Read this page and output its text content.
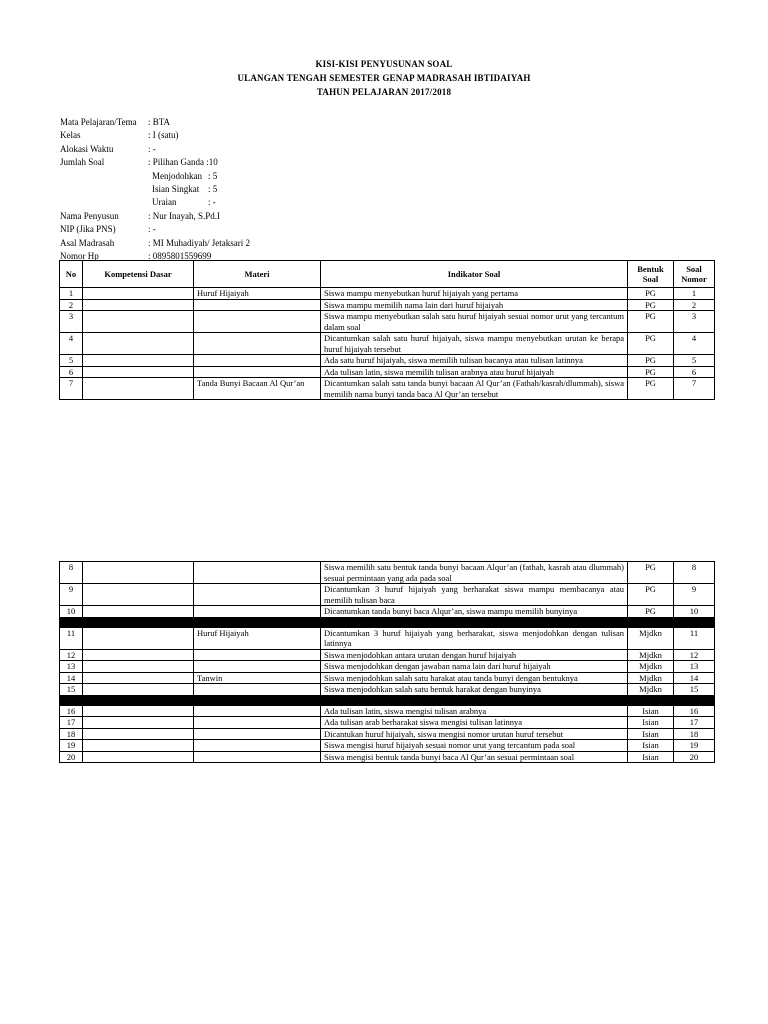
KISI-KISI PENYUSUNAN SOAL
ULANGAN TENGAH SEMESTER GENAP MADRASAH IBTIDAIYAH
TAHUN PELAJARAN 2017/2018
Mata Pelajaran/Tema	: BTA
Kelas	: I (satu)
Alokasi Waktu	: -
Jumlah Soal	: Pilihan Ganda :10
Menjodohkan : 5
Isian Singkat : 5
Uraian	: -
Nama Penyusun	: Nur Inayah, S.Pd.I
NIP (Jika PNS)	: -
Asal Madrasah	: MI Muhadiyah/ Jetaksari 2
Nomor Hp	: 0895801559699
No	Kompetensi Dasar	Materi	Indikator Soal	Bentuk Soal	Soal Nomor
1		Huruf Hijaiyah	Siswa mampu menyebutkan huruf hijaiyah yang pertama	PG	1
2			Siswa mampu memilih nama lain dari huruf hijaiyah	PG	2
3			Siswa mampu menyebutkan salah satu huruf hijaiyah sesuai nomor urut yang tercantum dalam soal	PG	3
4			Dicantumkan salah satu huruf hijaiyah, siswa mampu menyebutkan urutan ke berapa huruf hijaiyah tersebut	PG	4
5			Ada satu huruf hijaiyah, siswa memilih tulisan bacanya atau tulisan latinnya	PG	5
6			Ada tulisan latin, siswa memilih tulisan arabnya atau huruf hijaiyah	PG	6
7		Tanda Bunyi Bacaan Al Qur’an	Dicantumkan salah satu tanda bunyi bacaan Al Qur’an (Fathah/kasrah/dlummah), siswa memilih nama bunyi tanda baca Al Qur’an tersebut	PG	7
8			Siswa memilih satu bentuk tanda bunyi bacaan Alqur’an (fathah, kasrah atau dlummah) sesuai permintaan yang ada pada soal	PG	8
9			Dicantumkan 3 huruf hijaiyah yang berharakat siswa mampu membacanya atau memilih tulisan baca	PG	9
10			Dicantumkan tanda bunyi baca Alqur’an, siswa mampu memilih bunyinya	PG	10

11		Huruf Hijaiyah	Dicantumkan 3 huruf hijaiyah yang berharakat, siswa menjodohkan dengan tulisan latinnya	Mjdkn	11
12			Siswa menjodohkan antara urutan dengan huruf hijaiyah	Mjdkn	12
13			Siswa menjodohkan dengan jawaban nama lain dari huruf hijaiyah	Mjdkn	13
14		Tanwin	Siswa menjodohkan salah satu harakat atau tanda bunyi dengan bentuknya	Mjdkn	14
15			Siswa menjodohkan salah satu bentuk harakat dengan bunyinya	Mjdkn	15

16			Ada tulisan latin, siswa mengisi tulisan arabnya	Isian	16
17			Ada tulisan arab berharakat siswa mengisi tulisan latinnya	Isian	17
18			Dicantukan huruf hijaiyah, siswa mengisi nomor urutan huruf tersebut	Isian	18
19			Siswa mengisi huruf hijaiyah sesuai nomor urut yang tercantum pada soal	Isian	19
20			Siswa mengisi bentuk tanda bunyi baca Al Qur’an sesuai permintaan soal	Isian	20
